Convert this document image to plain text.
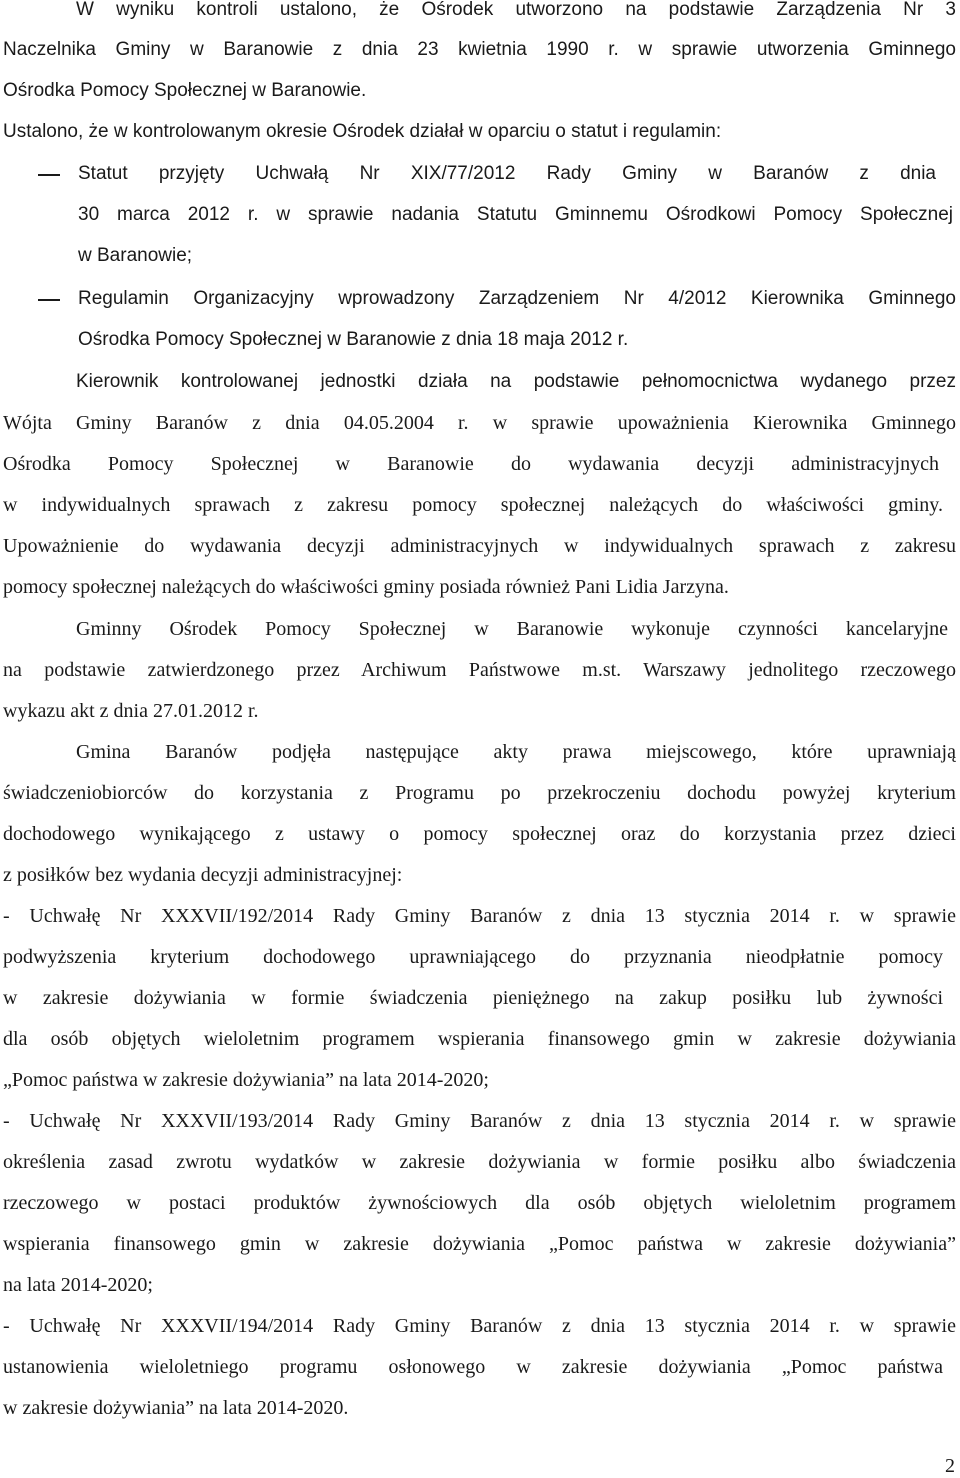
W wyniku kontroli ustalono, że Ośrodek utworzono na podstawie Zarządzenia Nr 3
Naczelnika Gminy w Baranowie z dnia 23 kwietnia 1990 r. w sprawie utworzenia Gminnego
Ośrodka Pomocy Społecznej w Baranowie.
Ustalono, że w kontrolowanym okresie Ośrodek działał w oparciu o statut i regulamin:
Statut przyjęty Uchwałą Nr XIX/77/2012 Rady Gminy w Baranów z dnia
30 marca 2012 r. w sprawie nadania Statutu Gminnemu Ośrodkowi Pomocy Społecznej
w Baranowie;
Regulamin Organizacyjny wprowadzony Zarządzeniem Nr 4/2012 Kierownika Gminnego
Ośrodka Pomocy Społecznej w Baranowie z dnia 18 maja 2012 r.
Kierownik kontrolowanej jednostki działa na podstawie pełnomocnictwa wydanego przez
Wójta Gminy Baranów z dnia 04.05.2004 r. w sprawie upoważnienia Kierownika Gminnego
Ośrodka Pomocy Społecznej w Baranowie do wydawania decyzji administracyjnych
w indywidualnych sprawach z zakresu pomocy społecznej należących do właściwości gminy.
Upoważnienie do wydawania decyzji administracyjnych w indywidualnych sprawach z zakresu
pomocy społecznej należących do właściwości gminy posiada również Pani Lidia Jarzyna.
Gminny Ośrodek Pomocy Społecznej w Baranowie wykonuje czynności kancelaryjne
na podstawie zatwierdzonego przez Archiwum Państwowe m.st. Warszawy jednolitego rzeczowego
wykazu akt z dnia 27.01.2012 r.
Gmina Baranów podjęła następujące akty prawa miejscowego, które uprawniają
świadczeniobiorców do korzystania z Programu po przekroczeniu dochodu powyżej kryterium
dochodowego wynikającego z ustawy o pomocy społecznej oraz do korzystania przez dzieci
z posiłków bez wydania decyzji administracyjnej:
- Uchwałę Nr XXXVII/192/2014 Rady Gminy Baranów z dnia 13 stycznia 2014 r. w sprawie
podwyższenia kryterium dochodowego uprawniającego do przyznania nieodpłatnie pomocy
w zakresie dożywiania w formie świadczenia pieniężnego na zakup posiłku lub żywności
dla osób objętych wieloletnim programem wspierania finansowego gmin w zakresie dożywiania
„Pomoc państwa w zakresie dożywiania” na lata 2014-2020;
- Uchwałę Nr XXXVII/193/2014 Rady Gminy Baranów z dnia 13 stycznia 2014 r. w sprawie
określenia zasad zwrotu wydatków w zakresie dożywiania w formie posiłku albo świadczenia
rzeczowego w postaci produktów żywnościowych dla osób objętych wieloletnim programem
wspierania finansowego gmin w zakresie dożywiania „Pomoc państwa w zakresie dożywiania”
na lata 2014-2020;
- Uchwałę Nr XXXVII/194/2014 Rady Gminy Baranów z dnia 13 stycznia 2014 r. w sprawie
ustanowienia wieloletniego programu osłonowego w zakresie dożywiania „Pomoc państwa
w zakresie dożywiania” na lata 2014-2020.
2
